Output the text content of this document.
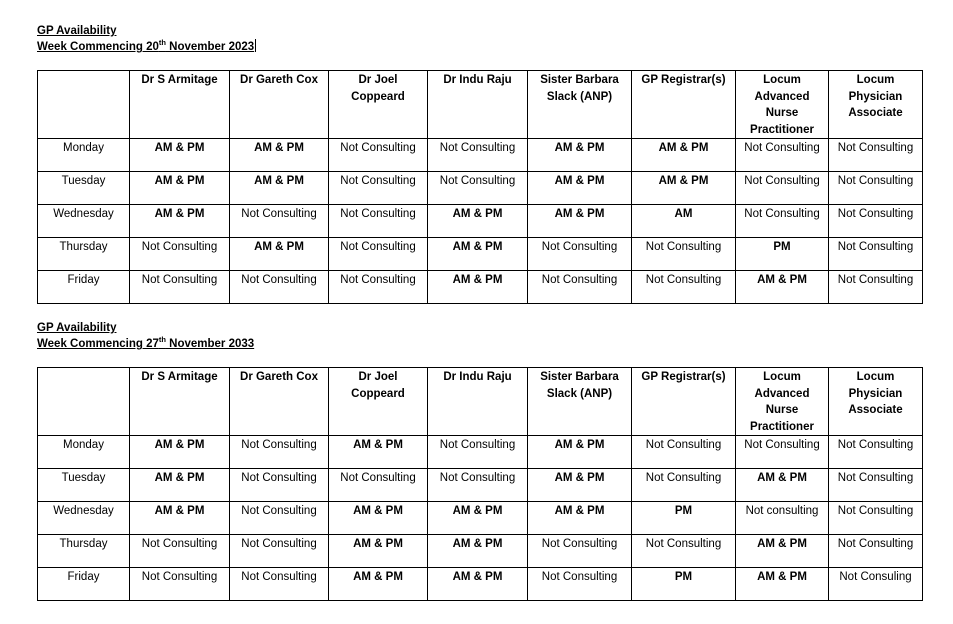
GP Availability
Week Commencing 20th November 2023
	Dr S Armitage	Dr Gareth Cox	Dr Joel Coppeard	Dr Indu Raju	Sister Barbara Slack (ANP)	GP Registrar(s)	Locum Advanced Nurse Practitioner	Locum Physician Associate
Monday	AM & PM	AM & PM	Not Consulting	Not Consulting	AM & PM	AM & PM	Not Consulting	Not Consulting
Tuesday	AM & PM	AM & PM	Not Consulting	Not Consulting	AM & PM	AM & PM	Not Consulting	Not Consulting
Wednesday	AM & PM	Not Consulting	Not Consulting	AM & PM	AM & PM	AM	Not Consulting	Not Consulting
Thursday	Not Consulting	AM & PM	Not Consulting	AM & PM	Not Consulting	Not Consulting	PM	Not Consulting
Friday	Not Consulting	Not Consulting	Not Consulting	AM & PM	Not Consulting	Not Consulting	AM & PM	Not Consulting
GP Availability
Week Commencing 27th November 2033
	Dr S Armitage	Dr Gareth Cox	Dr Joel Coppeard	Dr Indu Raju	Sister Barbara Slack (ANP)	GP Registrar(s)	Locum Advanced Nurse Practitioner	Locum Physician Associate
Monday	AM & PM	Not Consulting	AM & PM	Not Consulting	AM & PM	Not Consulting	Not Consulting	Not Consulting
Tuesday	AM & PM	Not Consulting	Not Consulting	Not Consulting	AM & PM	Not Consulting	AM & PM	Not Consulting
Wednesday	AM & PM	Not Consulting	AM & PM	AM & PM	AM & PM	PM	Not consulting	Not Consulting
Thursday	Not Consulting	Not Consulting	AM & PM	AM & PM	Not Consulting	Not Consulting	AM & PM	Not Consulting
Friday	Not Consulting	Not Consulting	AM & PM	AM & PM	Not Consulting	PM	AM & PM	Not Consuling
